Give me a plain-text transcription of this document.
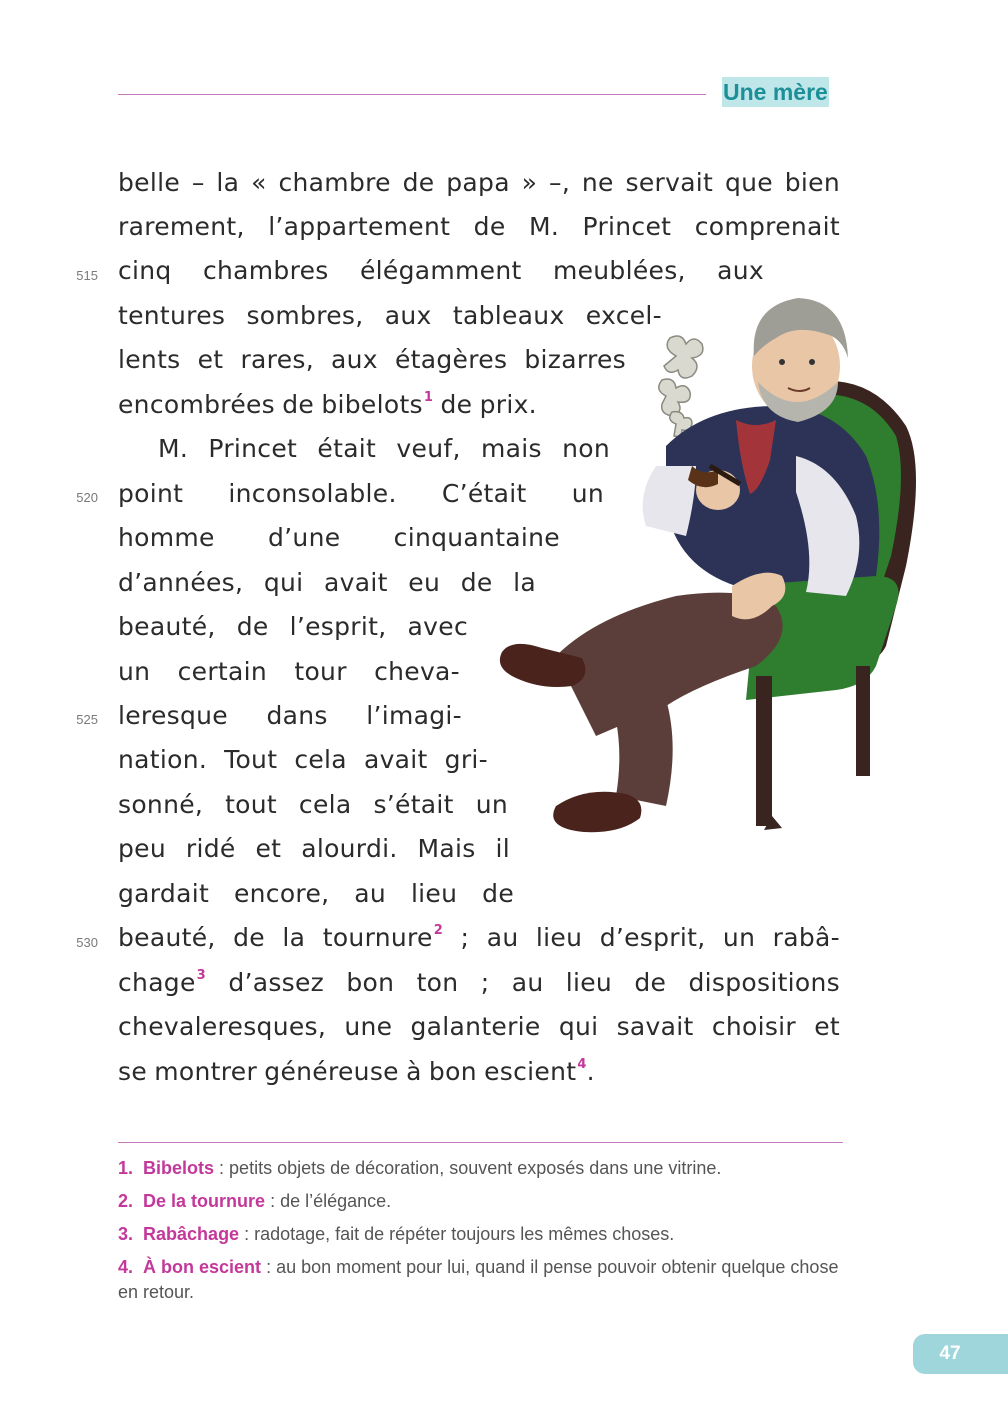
Une mère
belle – la « chambre de papa » –, ne servait que bien
rarement, l’appartement de M. Princet comprenait
cinq chambres élégamment meublées, aux
tentures sombres, aux tableaux excel-
lents et rares, aux étagères bizarres
encombrées de bibelots$^1$ de prix.
M. Princet était veuf, mais non
point inconsolable. C’était un
homme d’une cinquantaine
d’années, qui avait eu de la
beauté, de l’esprit, avec
un certain tour cheva-
leresque dans l’imagi-
nation. Tout cela avait gri-
sonné, tout cela s’était un
peu ridé et alourdi. Mais il
gardait encore, au lieu de
beauté, de la tournure$^2$ ; au lieu d’esprit, un rabâ-
chage$^3$ d’assez bon ton ; au lieu de dispositions
chevaleresques, une galanterie qui savait choisir et
se montrer généreuse à bon escient$^4$.
515
520
525
530
1. Bibelots : petits objets de décoration, souvent exposés dans une vitrine.
2. De la tournure : de l’élégance.
3. Rabâchage : radotage, fait de répéter toujours les mêmes choses.
4. À bon escient : au bon moment pour lui, quand il pense pouvoir obtenir quelque chose en retour.
47
